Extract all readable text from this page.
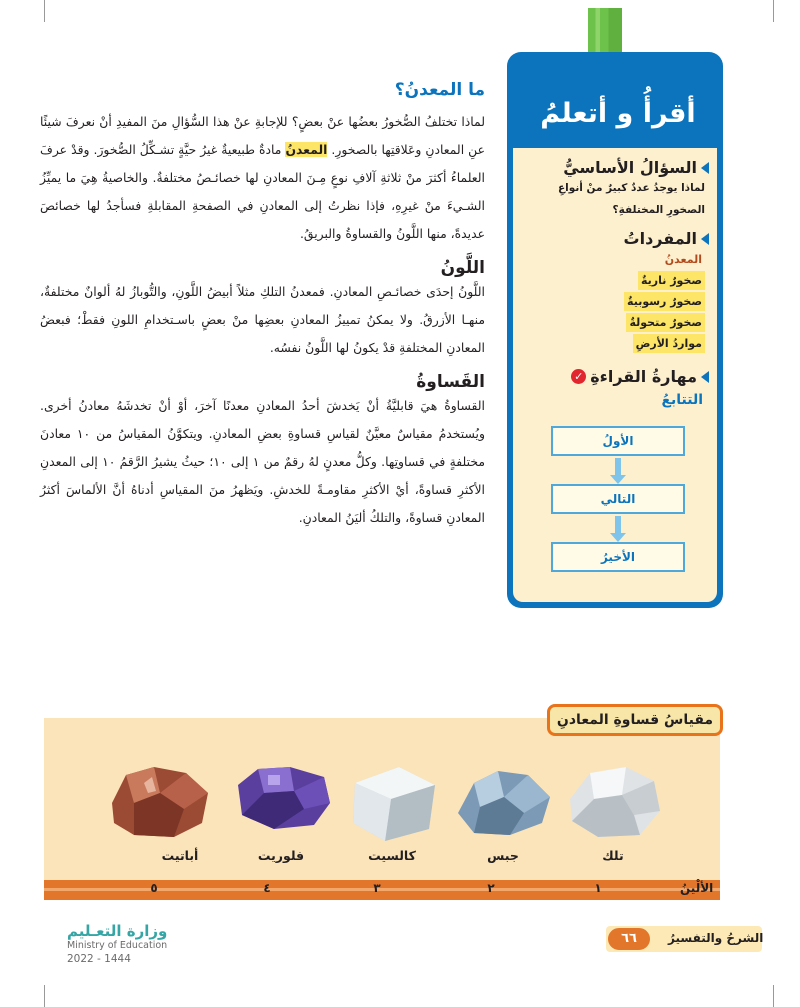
أقرأُ و أتعلمُ
السؤالُ الأساسيُّ
لماذا يوجدُ عددٌ كبيرٌ منْ أنواعِ الصخورِ المختلفةِ؟
المفرداتُ
المعدنُ
صخورٌ ناريةٌ
صخورٌ رسوبيةٌ
صخورٌ متحولةٌ
مواردُ الأرضِ
✓ مهارةُ القراءةِ
التتابعُ
الأولُ
التالي
الأخيرُ
ما المعدنُ؟

لماذا تختلفُ الصُّخورُ بعضُها عنْ بعضٍ؟ للإجابةِ عنْ هذا السُّؤالِ منَ المفيدِ أنْ نعرفَ شيئًا عنِ المعادنِ وعَلاقتِها بالصخورِ. المعدنُ مادةٌ طبيعيةٌ غيرُ حيَّةٍ تشـكِّلُ الصُّخورَ. وقدْ عرفَ العلماءُ أكثرَ منْ ثلاثةِ آلافِ نوعٍ مِـنَ المعادنِ لها خصائـصُ مختلفةٌ. والخاصيةُ هِيَ ما يميِّزُ الشـيءَ منْ غيرِهِ، فإذا نظرتُ إلى المعادنِ في الصفحةِ المقابلةِ فسأجدُ لها خصائصَ عديدةً، منها اللَّونُ والقساوةُ والبريقُ.

اللَّونُ

اللَّونُ إحدَى خصائـصِ المعادنِ. فمعدنُ التلكِ مثلاً أبيضُ اللَّونِ، والتُّوبازُ لهُ ألوانٌ مختلفةٌ، منهـا الأزرقُ. ولا يمكنُ تمييزُ المعادنِ بعضِها منْ بعضٍ باسـتخدامِ اللونِ فقطْ؛ فبعضُ المعادنِ المختلفةِ قدْ يكونُ لها اللَّونُ نفسُه.

القَساوةُ

القساوةُ هيَ قابليَّةُ أنْ يَخدشَ أحدُ المعادنِ معدنًا آخرَ، أوْ أنْ تخدشَهُ معادنُ أخرى. ويُستخدمُ مقياسٌ معيَّنٌ لقياسِ قساوةِ بعضِ المعادنِ. ويتكوَّنُ المقياسُ من ١٠ معادنَ مختلفةٍ في قساوتِها. وكلُّ معدنٍ لهُ رقمٌ من ١ إلى ١٠؛ حيثُ يشيرُ الرَّقمُ ١٠ إلى المعدنِ الأكثرِ قساوةً، أيْ الأكثرِ مقاومـةً للخدشِ. ويَظهرُ منَ المقياسِ أدناهُ أنَّ الألماسَ أكثرُ المعادنِ قساوةً، والتلكُ أليَنُ المعادنِ.

أباتيت	فلوريت	كالسيت	جبس	تلك
مقياسُ قساوةِ المعادنِ
٥	٤	٣	٢	١	الألْينُ
وزارة التعـليم
Ministry of Education
2022 - 1444
الشرحُ والتفسيرُ
٦٦
